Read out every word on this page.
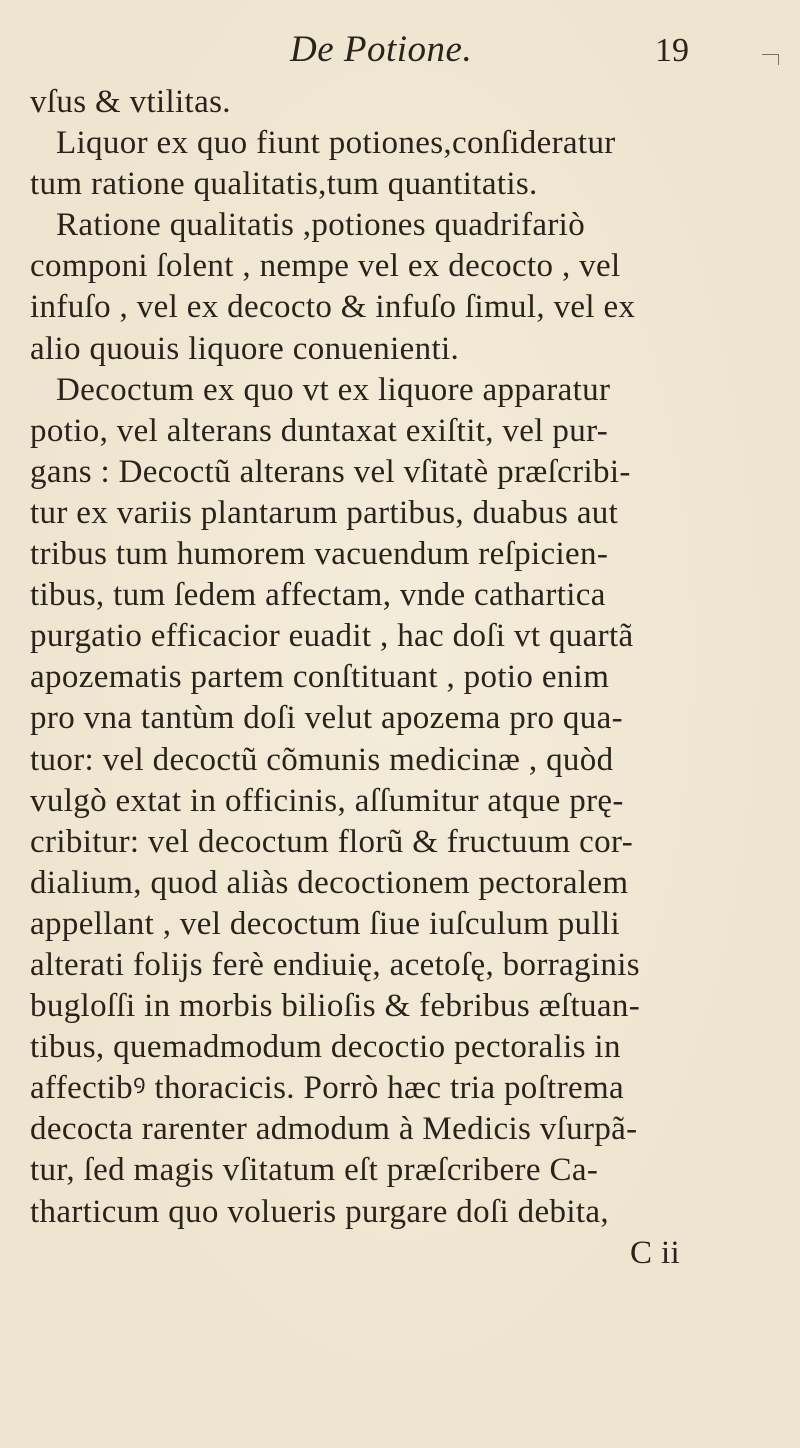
De Potione.	19
vſus & vtilitas.
Liquor ex quo fiunt potiones,conſideratur
tum ratione qualitatis,tum quantitatis.
Ratione qualitatis ,potiones quadrifariò
componi ſolent , nempe vel ex decocto , vel
infuſo , vel ex decocto & infuſo ſimul, vel ex
alio quouis liquore conuenienti.
Decoctum ex quo vt ex liquore apparatur
potio, vel alterans duntaxat exiſtit, vel pur-
gans : Decoctũ alterans vel vſitatè præſcribi-
tur ex variis plantarum partibus, duabus aut
tribus tum humorem vacuendum reſpicien-
tibus, tum ſedem affectam, vnde cathartica
purgatio efficacior euadit , hac doſi vt quartã
apozematis partem conſtituant , potio enim
pro vna tantùm doſi velut apozema pro qua-
tuor: vel decoctũ cõmunis medicinæ , quòd
vulgò extat in officinis, aſſumitur atque prę-
cribitur: vel decoctum florũ & fructuum cor-
dialium, quod aliàs decoctionem pectoralem
appellant , vel decoctum ſiue iuſculum pulli
alterati folijs ferè endiuię, acetoſę, borraginis
bugloſſi in morbis bilioſis & febribus æſtuan-
tibus, quemadmodum decoctio pectoralis in
affectibꝰ thoracicis. Porrò hæc tria poſtrema
decocta rarenter admodum à Medicis vſurpã-
tur, ſed magis vſitatum eſt præſcribere Ca-
tharticum quo volueris purgare doſi debita,
C ii
